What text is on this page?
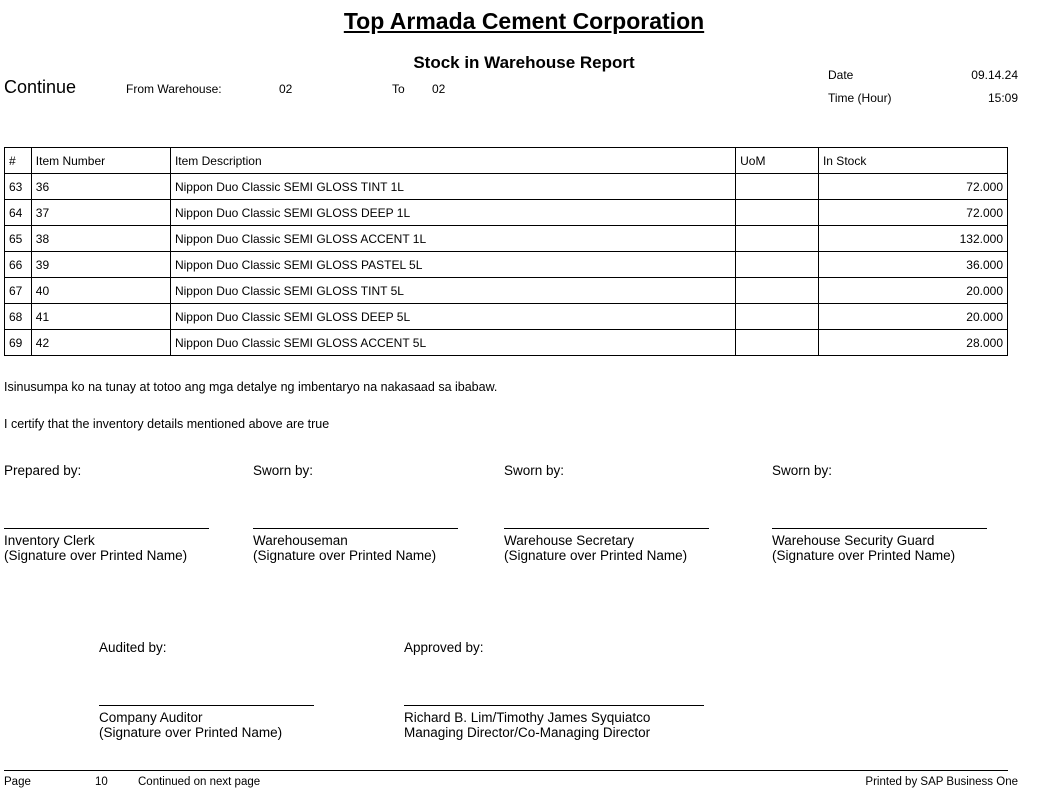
Top Armada Cement Corporation
Stock in Warehouse Report
Date	09.14.24
Time (Hour)	15:09
Continue	From Warehouse:	02	To 02
#	Item Number	Item Description	UoM	In Stock
63	36	Nippon Duo Classic SEMI GLOSS TINT 1L		72.000
64	37	Nippon Duo Classic SEMI GLOSS DEEP 1L		72.000
65	38	Nippon Duo Classic SEMI GLOSS ACCENT 1L		132.000
66	39	Nippon Duo Classic SEMI GLOSS PASTEL 5L		36.000
67	40	Nippon Duo Classic SEMI GLOSS TINT 5L		20.000
68	41	Nippon Duo Classic SEMI GLOSS DEEP 5L		20.000
69	42	Nippon Duo Classic SEMI GLOSS ACCENT 5L		28.000
Isinusumpa ko na tunay at totoo ang mga detalye ng imbentaryo na nakasaad sa ibabaw.
I certify that the inventory details mentioned above are true
Prepared by:
Inventory Clerk
(Signature over Printed Name)
Sworn by:
Warehouseman
(Signature over Printed Name)
Sworn by:
Warehouse Secretary
(Signature over Printed Name)
Sworn by:
Warehouse Security Guard
(Signature over Printed Name)
Audited by:
Company Auditor
(Signature over Printed Name)
Approved by:
Richard B. Lim/Timothy James Syquiatco
Managing Director/Co-Managing Director
Page	10	Continued on next page	Printed by SAP Business One
